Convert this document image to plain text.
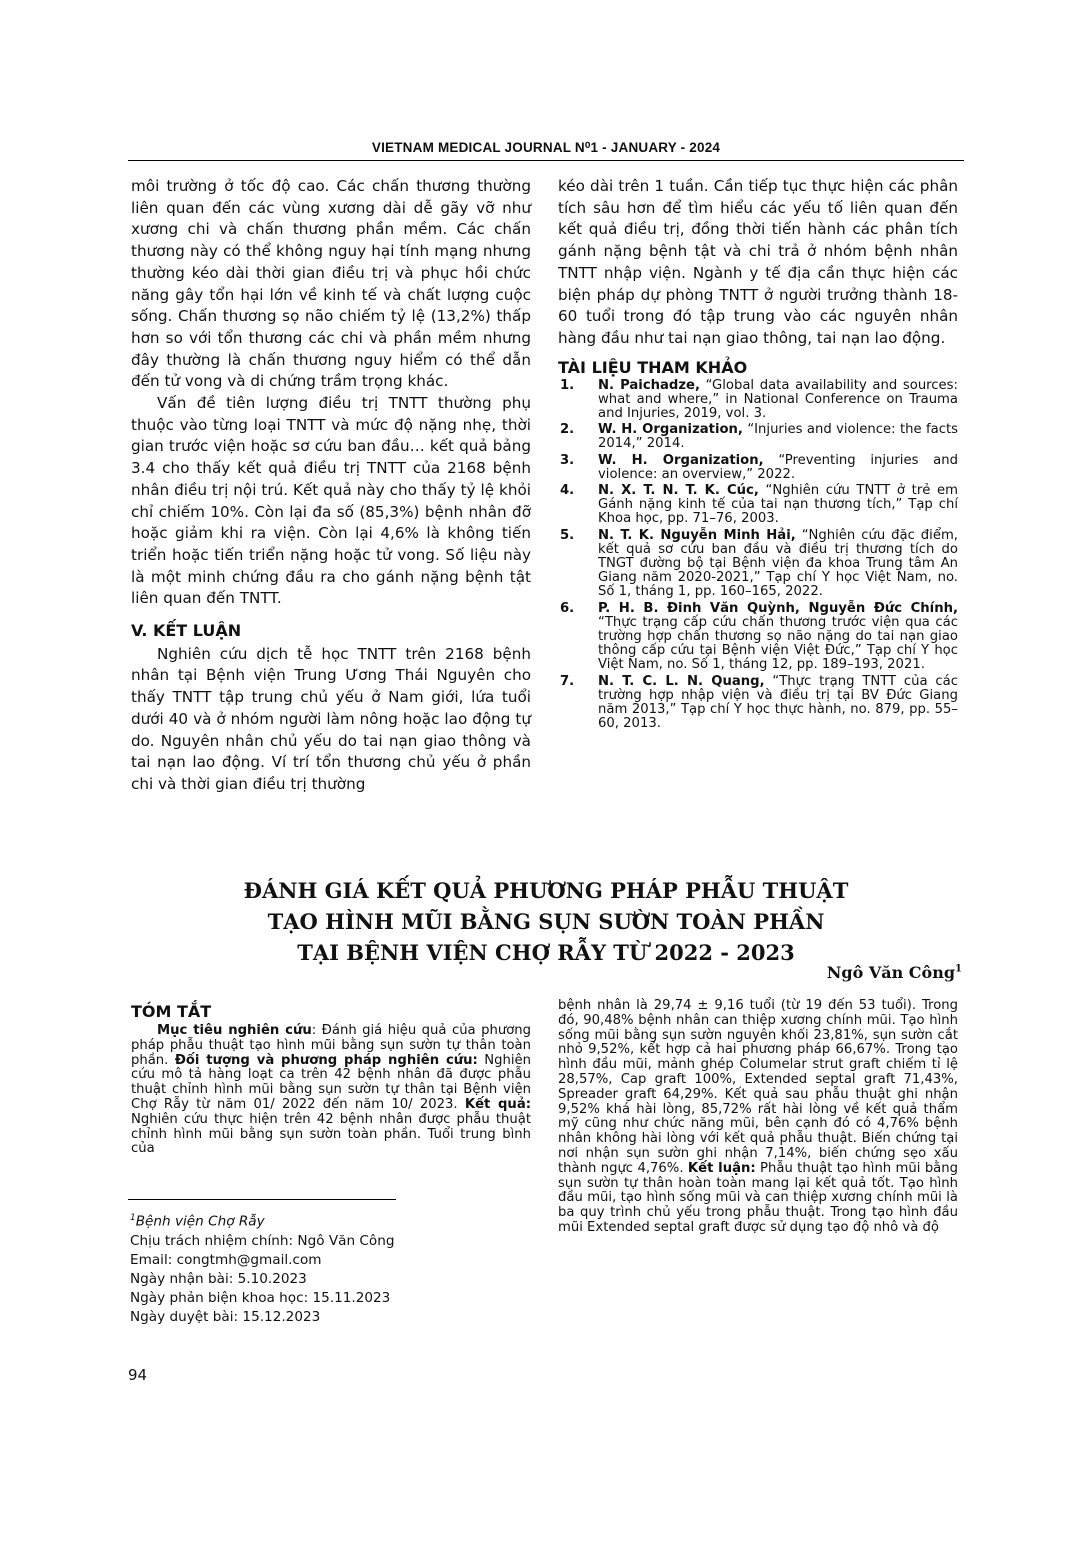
VIETNAM MEDICAL JOURNAL N⁰1 - JANUARY - 2024

môi trường ở tốc độ cao. Các chấn thương thường liên quan đến các vùng xương dài dễ gãy vỡ như xương chi và chấn thương phần mềm. Các chấn thương này có thể không nguy hại tính mạng nhưng thường kéo dài thời gian điều trị và phục hồi chức năng gây tổn hại lớn về kinh tế và chất lượng cuộc sống. Chấn thương sọ não chiếm tỷ lệ (13,2%) thấp hơn so với tổn thương các chi và phần mềm nhưng đây thường là chấn thương nguy hiểm có thể dẫn đến tử vong và di chứng trầm trọng khác.

Vấn đề tiên lượng điều trị TNTT thường phụ thuộc vào từng loại TNTT và mức độ nặng nhẹ, thời gian trước viện hoặc sơ cứu ban đầu… kết quả bảng 3.4 cho thấy kết quả điều trị TNTT của 2168 bệnh nhân điều trị nội trú. Kết quả này cho thấy tỷ lệ khỏi chỉ chiếm 10%. Còn lại đa số (85,3%) bệnh nhân đỡ hoặc giảm khi ra viện. Còn lại 4,6% là không tiến triển hoặc tiến triển nặng hoặc tử vong. Số liệu này là một minh chứng đầu ra cho gánh nặng bệnh tật liên quan đến TNTT.

V. KẾT LUẬN

Nghiên cứu dịch tễ học TNTT trên 2168 bệnh nhân tại Bệnh viện Trung Ương Thái Nguyên cho thấy TNTT tập trung chủ yếu ở Nam giới, lứa tuổi dưới 40 và ở nhóm người làm nông hoặc lao động tự do. Nguyên nhân chủ yếu do tai nạn giao thông và tai nạn lao động. Ví trí tổn thương chủ yếu ở phần chi và thời gian điều trị thường

kéo dài trên 1 tuần. Cần tiếp tục thực hiện các phân tích sâu hơn để tìm hiểu các yếu tố liên quan đến kết quả điều trị, đồng thời tiến hành các phân tích gánh nặng bệnh tật và chi trả ở nhóm bệnh nhân TNTT nhập viện. Ngành y tế địa cần thực hiện các biện pháp dự phòng TNTT ở người trưởng thành 18-60 tuổi trong đó tập trung vào các nguyên nhân hàng đầu như tai nạn giao thông, tai nạn lao động.

TÀI LIỆU THAM KHẢO
1. N. Paichadze, “Global data availability and sources: what and where,” in National Conference on Trauma and Injuries, 2019, vol. 3.
2. W. H. Organization, “Injuries and violence: the facts 2014,” 2014.
3. W. H. Organization, “Preventing injuries and violence: an overview,” 2022.
4. N. X. T. N. T. K. Cúc, “Nghiên cứu TNTT ở trẻ em Gánh nặng kinh tế của tai nạn thương tích,” Tạp chí Khoa học, pp. 71–76, 2003.
5. N. T. K. Nguyễn Minh Hải, “Nghiên cứu đặc điểm, kết quả sơ cứu ban đầu và điều trị thương tích do TNGT đường bộ tại Bệnh viện đa khoa Trung tâm An Giang năm 2020-2021,” Tạp chí Y học Việt Nam, no. Số 1, tháng 1, pp. 160–165, 2022.
6. P. H. B. Đinh Văn Quỳnh, Nguyễn Đức Chính, “Thực trạng cấp cứu chấn thương trước viện qua các trường hợp chấn thương sọ não nặng do tai nạn giao thông cấp cứu tại Bệnh viện Việt Đức,” Tạp chí Y học Việt Nam, no. Số 1, tháng 12, pp. 189–193, 2021.
7. N. T. C. L. N. Quang, “Thực trạng TNTT của các trường hợp nhập viện và điều trị tại BV Đức Giang năm 2013,” Tạp chí Y học thực hành, no. 879, pp. 55–60, 2013.
ĐÁNH GIÁ KẾT QUẢ PHƯƠNG PHÁP PHẪU THUẬT
TẠO HÌNH MŨI BẰNG SỤN SƯỜN TOÀN PHẦN
TẠI BỆNH VIỆN CHỢ RẪY TỪ 2022 - 2023
Ngô Văn Công$^1$
TÓM TẮT
Mục tiêu nghiên cứu: Đánh giá hiệu quả của phương pháp phẫu thuật tạo hình mũi bằng sụn sườn tự thân toàn phần. Đối tượng và phương pháp nghiên cứu: Nghiên cứu mô tả hàng loạt ca trên 42 bệnh nhân đã được phẫu thuật chỉnh hình mũi bằng sụn sườn tự thân tại Bệnh viện Chợ Rẫy từ năm 01/ 2022 đến năm 10/ 2023. Kết quả: Nghiên cứu thực hiện trên 42 bệnh nhân được phẫu thuật chỉnh hình mũi bằng sụn sườn toàn phần. Tuổi trung bình của
bệnh nhân là 29,74 ± 9,16 tuổi (từ 19 đến 53 tuổi). Trong đó, 90,48% bệnh nhân can thiệp xương chính mũi. Tạo hình sống mũi bằng sụn sườn nguyên khối 23,81%, sụn sườn cắt nhỏ 9,52%, kết hợp cả hai phương pháp 66,67%. Trong tạo hình đầu mũi, mảnh ghép Columelar strut graft chiếm tỉ lệ 28,57%, Cap graft 100%, Extended septal graft 71,43%, Spreader graft 64,29%. Kết quả sau phẫu thuật ghi nhận 9,52% khá hài lòng, 85,72% rất hài lòng về kết quả thẩm mỹ cũng như chức năng mũi, bên cạnh đó có 4,76% bệnh nhân không hài lòng với kết quả phẫu thuật. Biến chứng tại nơi nhận sụn sườn ghi nhận 7,14%, biến chứng sẹo xấu thành ngực 4,76%. Kết luận: Phẫu thuật tạo hình mũi bằng sụn sườn tự thân hoàn toàn mang lại kết quả tốt. Tạo hình đầu mũi, tạo hình sống mũi và can thiệp xương chính mũi là ba quy trình chủ yếu trong phẫu thuật. Trong tạo hình đầu mũi Extended septal graft được sử dụng tạo độ nhô và độ
$^1$Bệnh viện Chợ Rẫy
Chịu trách nhiệm chính: Ngô Văn Công
Email: congtmh@gmail.com
Ngày nhận bài: 5.10.2023
Ngày phản biện khoa học: 15.11.2023
Ngày duyệt bài: 15.12.2023
94
